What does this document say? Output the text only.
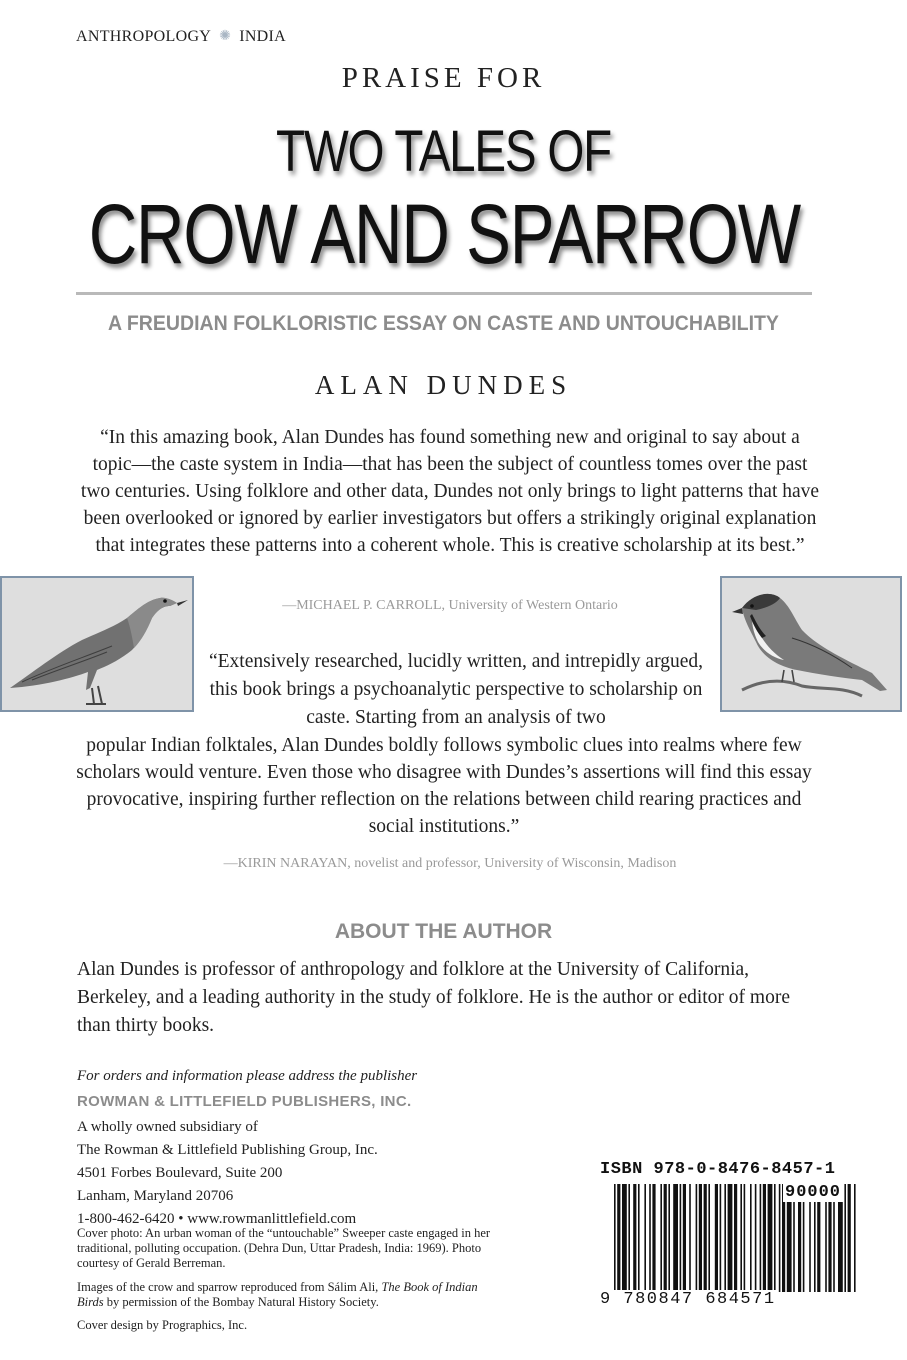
ANTHROPOLOGY ✺ INDIA
PRAISE FOR
TWO TALES OF
CROW AND SPARROW
A FREUDIAN FOLKLORISTIC ESSAY ON CASTE AND UNTOUCHABILITY
ALAN DUNDES
“In this amazing book, Alan Dundes has found something new and original to say about a topic—the caste system in India—that has been the subject of countless tomes over the past two centuries. Using folklore and other data, Dundes not only brings to light patterns that have been overlooked or ignored by earlier investigators but offers a strikingly original explanation that integrates these patterns into a coherent whole. This is creative scholarship at its best.”
—MICHAEL P. CARROLL, University of Western Ontario
“Extensively researched, lucidly written, and intrepidly argued, this book brings a psychoanalytic perspective to scholarship on caste. Starting from an analysis of two
popular Indian folktales, Alan Dundes boldly follows symbolic clues into realms where few scholars would venture. Even those who disagree with Dundes’s assertions will find this essay provocative, inspiring further reflection on the relations between child rearing practices and social institutions.”
—KIRIN NARAYAN, novelist and professor, University of Wisconsin, Madison
ABOUT THE AUTHOR
Alan Dundes is professor of anthropology and folklore at the University of California, Berkeley, and a leading authority in the study of folklore. He is the author or editor of more than thirty books.
For orders and information please address the publisher
ROWMAN & LITTLEFIELD PUBLISHERS, INC.
A wholly owned subsidiary of
The Rowman & Littlefield Publishing Group, Inc.
4501 Forbes Boulevard, Suite 200
Lanham, Maryland 20706
1-800-462-6420 • www.rowmanlittlefield.com
Cover photo: An urban woman of the “untouchable” Sweeper caste engaged in her traditional, polluting occupation. (Dehra Dun, Uttar Pradesh, India: 1969). Photo courtesy of Gerald Berreman.
Images of the crow and sparrow reproduced from Sálim Ali, The Book of Indian Birds by permission of the Bombay Natural History Society.
Cover design by Prographics, Inc.
ISBN 978-0-8476-8457-1
90000
9 780847 684571
